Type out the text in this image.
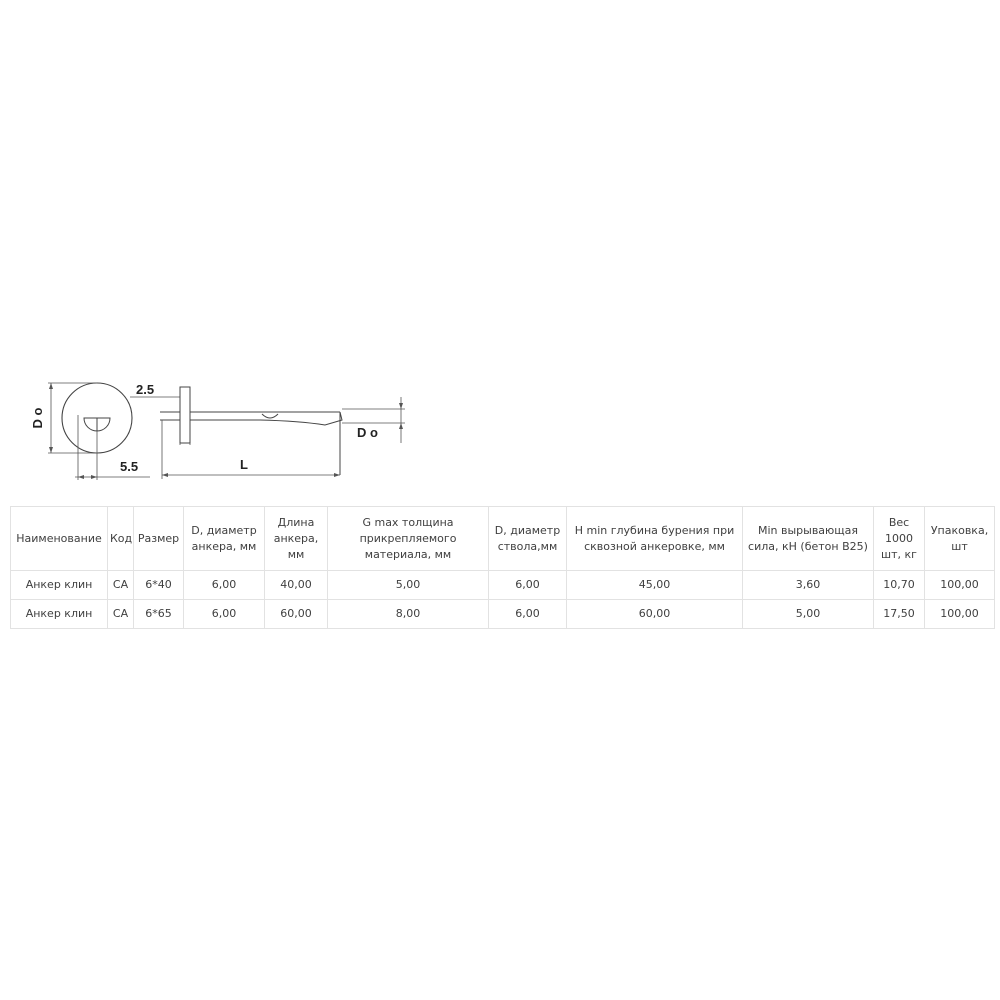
D o
5.5
2.5
D o
L
Наименование	Код	Размер	D, диаметр анкера, мм	Длина анкера, мм	G max толщина прикрепляемого материала, мм	D, диаметр ствола,мм	H min глубина бурения при сквозной анкеровке, мм	Min вырывающая сила, кН (бетон B25)	Вес 1000 шт, кг	Упаковка, шт
Анкер клин	CA	6*40	6,00	40,00	5,00	6,00	45,00	3,60	10,70	100,00
Анкер клин	CA	6*65	6,00	60,00	8,00	6,00	60,00	5,00	17,50	100,00
